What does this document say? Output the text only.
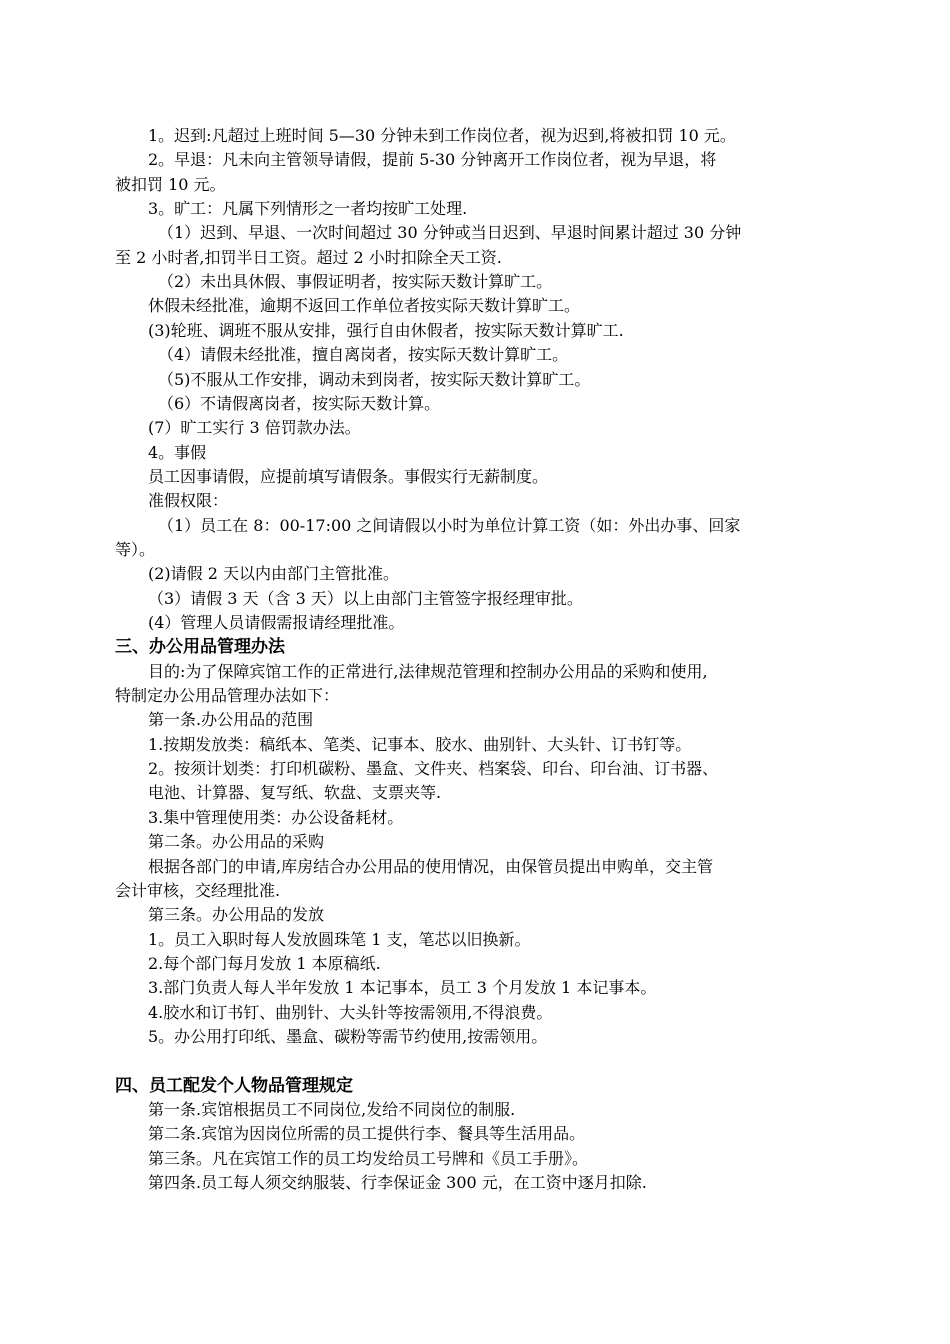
1。迟到:凡超过上班时间 5—30 分钟未到工作岗位者，视为迟到,将被扣罚 10 元。
2。早退：凡未向主管领导请假，提前 5-30 分钟离开工作岗位者，视为早退，将
被扣罚 10 元。
3。旷工：凡属下列情形之一者均按旷工处理.
（1）迟到、早退、一次时间超过 30 分钟或当日迟到、早退时间累计超过 30 分钟
至 2 小时者,扣罚半日工资。超过 2 小时扣除全天工资.
（2）未出具休假、事假证明者，按实际天数计算旷工。
休假未经批准，逾期不返回工作单位者按实际天数计算旷工。
(3)轮班、调班不服从安排，强行自由休假者，按实际天数计算旷工.
（4）请假未经批准，擅自离岗者，按实际天数计算旷工。
（5)不服从工作安排，调动未到岗者，按实际天数计算旷工。
（6）不请假离岗者，按实际天数计算。
(7）旷工实行 3 倍罚款办法。
4。事假
员工因事请假，应提前填写请假条。事假实行无薪制度。
准假权限：
（1）员工在 8：00-17:00 之间请假以小时为单位计算工资（如：外出办事、回家
等）。
(2)请假 2 天以内由部门主管批准。
（3）请假 3 天（含 3 天）以上由部门主管签字报经理审批。
(4）管理人员请假需报请经理批准。
三、办公用品管理办法
目的:为了保障宾馆工作的正常进行,法律规范管理和控制办公用品的采购和使用,
特制定办公用品管理办法如下：
第一条.办公用品的范围
1.按期发放类：稿纸本、笔类、记事本、胶水、曲别针、大头针、订书钉等。
2。按须计划类：打印机碳粉、墨盒、文件夹、档案袋、印台、印台油、订书器、
电池、计算器、复写纸、软盘、支票夹等.
3.集中管理使用类：办公设备耗材。
第二条。办公用品的采购
根据各部门的申请,库房结合办公用品的使用情况，由保管员提出申购单，交主管
会计审核，交经理批准.
第三条。办公用品的发放
1。员工入职时每人发放圆珠笔 1 支，笔芯以旧换新。
2.每个部门每月发放 1 本原稿纸.
3.部门负责人每人半年发放 1 本记事本，员工 3 个月发放 1 本记事本。
4.胶水和订书钉、曲别针、大头针等按需领用,不得浪费。
5。办公用打印纸、墨盒、碳粉等需节约使用,按需领用。
四、员工配发个人物品管理规定
第一条.宾馆根据员工不同岗位,发给不同岗位的制服.
第二条.宾馆为因岗位所需的员工提供行李、餐具等生活用品。
第三条。凡在宾馆工作的员工均发给员工号牌和《员工手册》。
第四条.员工每人须交纳服装、行李保证金 300 元，在工资中逐月扣除.
